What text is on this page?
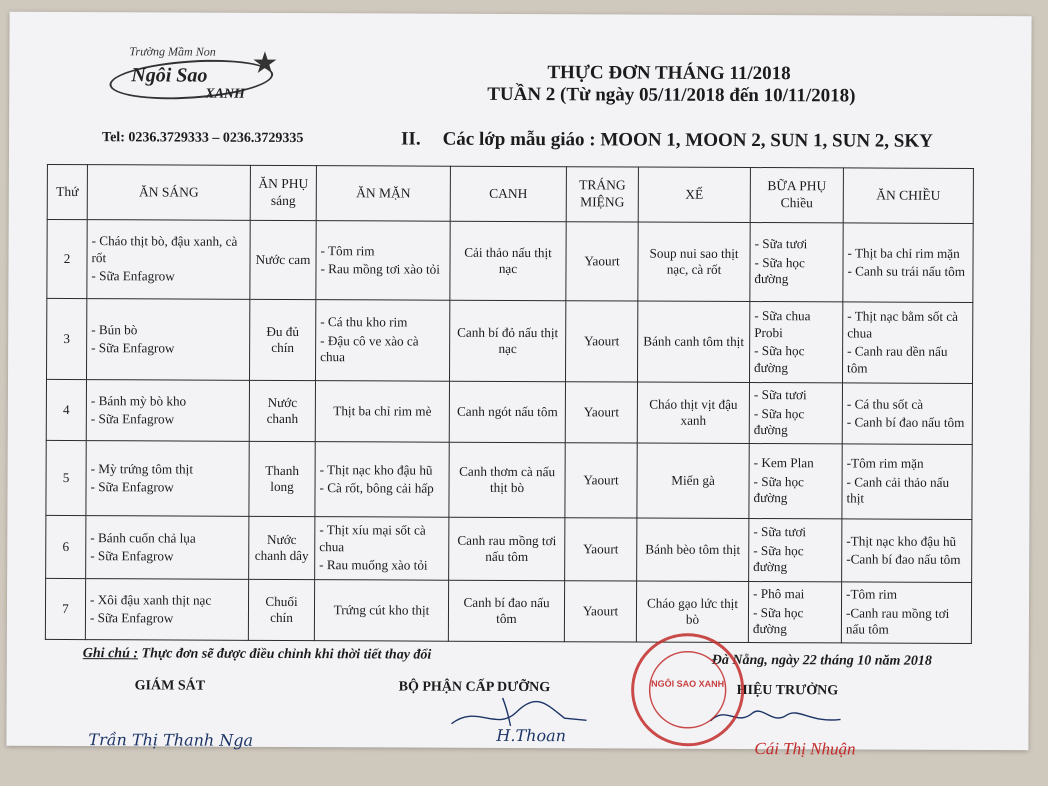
Trường Mầm Non ★
Ngôi Sao
XANH
THỰC ĐƠN THÁNG 11/2018
TUẦN 2 (Từ ngày 05/11/2018 đến 10/11/2018)
Tel: 0236.3729333 – 0236.3729335	II. Các lớp mẫu giáo : MOON 1, MOON 2, SUN 1, SUN 2, SKY
Thứ	ĂN SÁNG	ĂN PHỤ sáng	ĂN MẶN	CANH	TRÁNG MIỆNG	XẾ	BỮA PHỤ Chiều	ĂN CHIỀU
2	- Cháo thịt bò, đậu xanh, cà rốt
- Sữa Enfagrow	Nước cam	- Tôm rim
- Rau mồng tơi xào tỏi	Cải thảo nấu thịt nạc	Yaourt	Soup nui sao thịt nạc, cà rốt	- Sữa tươi
- Sữa học đường	- Thịt ba chỉ rim mặn
- Canh su trái nấu tôm

3	- Bún bò
- Sữa Enfagrow	Đu đủ chín	- Cá thu kho rim
- Đậu cô ve xào cà chua	Canh bí đỏ nấu thịt nạc	Yaourt	Bánh canh tôm thịt	- Sữa chua Probi
- Sữa học đường	- Thịt nạc bằm sốt cà chua
- Canh rau dền nấu tôm

4	- Bánh mỳ bò kho
- Sữa Enfagrow	Nước chanh	Thịt ba chỉ rim mè	Canh ngót nấu tôm	Yaourt	Cháo thịt vịt đậu xanh	- Sữa tươi
- Sữa học đường	- Cá thu sốt cà
- Canh bí đao nấu tôm

5	- Mỳ trứng tôm thịt
- Sữa Enfagrow	Thanh long	- Thịt nạc kho đậu hũ
- Cà rốt, bông cải hấp	Canh thơm cà nấu thịt bò	Yaourt	Miến gà	- Kem Plan
- Sữa học đường	-Tôm rim mặn
- Canh cải thảo nấu thịt

6	- Bánh cuốn chả lụa
- Sữa Enfagrow	Nước chanh dây	- Thịt xíu mại sốt cà chua
- Rau muống xào tỏi	Canh rau mồng tơi nấu tôm	Yaourt	Bánh bèo tôm thịt	- Sữa tươi
- Sữa học đường	-Thịt nạc kho đậu hũ
-Canh bí đao nấu tôm

7	- Xôi đậu xanh thịt nạc
- Sữa Enfagrow	Chuối chín	Trứng cút kho thịt	Canh bí đao nấu tôm	Yaourt	Cháo gạo lức thịt bò	- Phô mai
- Sữa học đường	-Tôm rim
-Canh rau mồng tơi nấu tôm
Ghi chú : Thực đơn sẽ được điều chỉnh khi thời tiết thay đổi	Đà Nẵng, ngày 22 tháng 10 năm 2018
GIÁM SÁT
Trần Thị Thanh Nga
BỘ PHẬN CẤP DƯỠNG
H.Thoan
HIỆU TRƯỞNG
Cái Thị Nhuận
NGÔI SAO XANH
